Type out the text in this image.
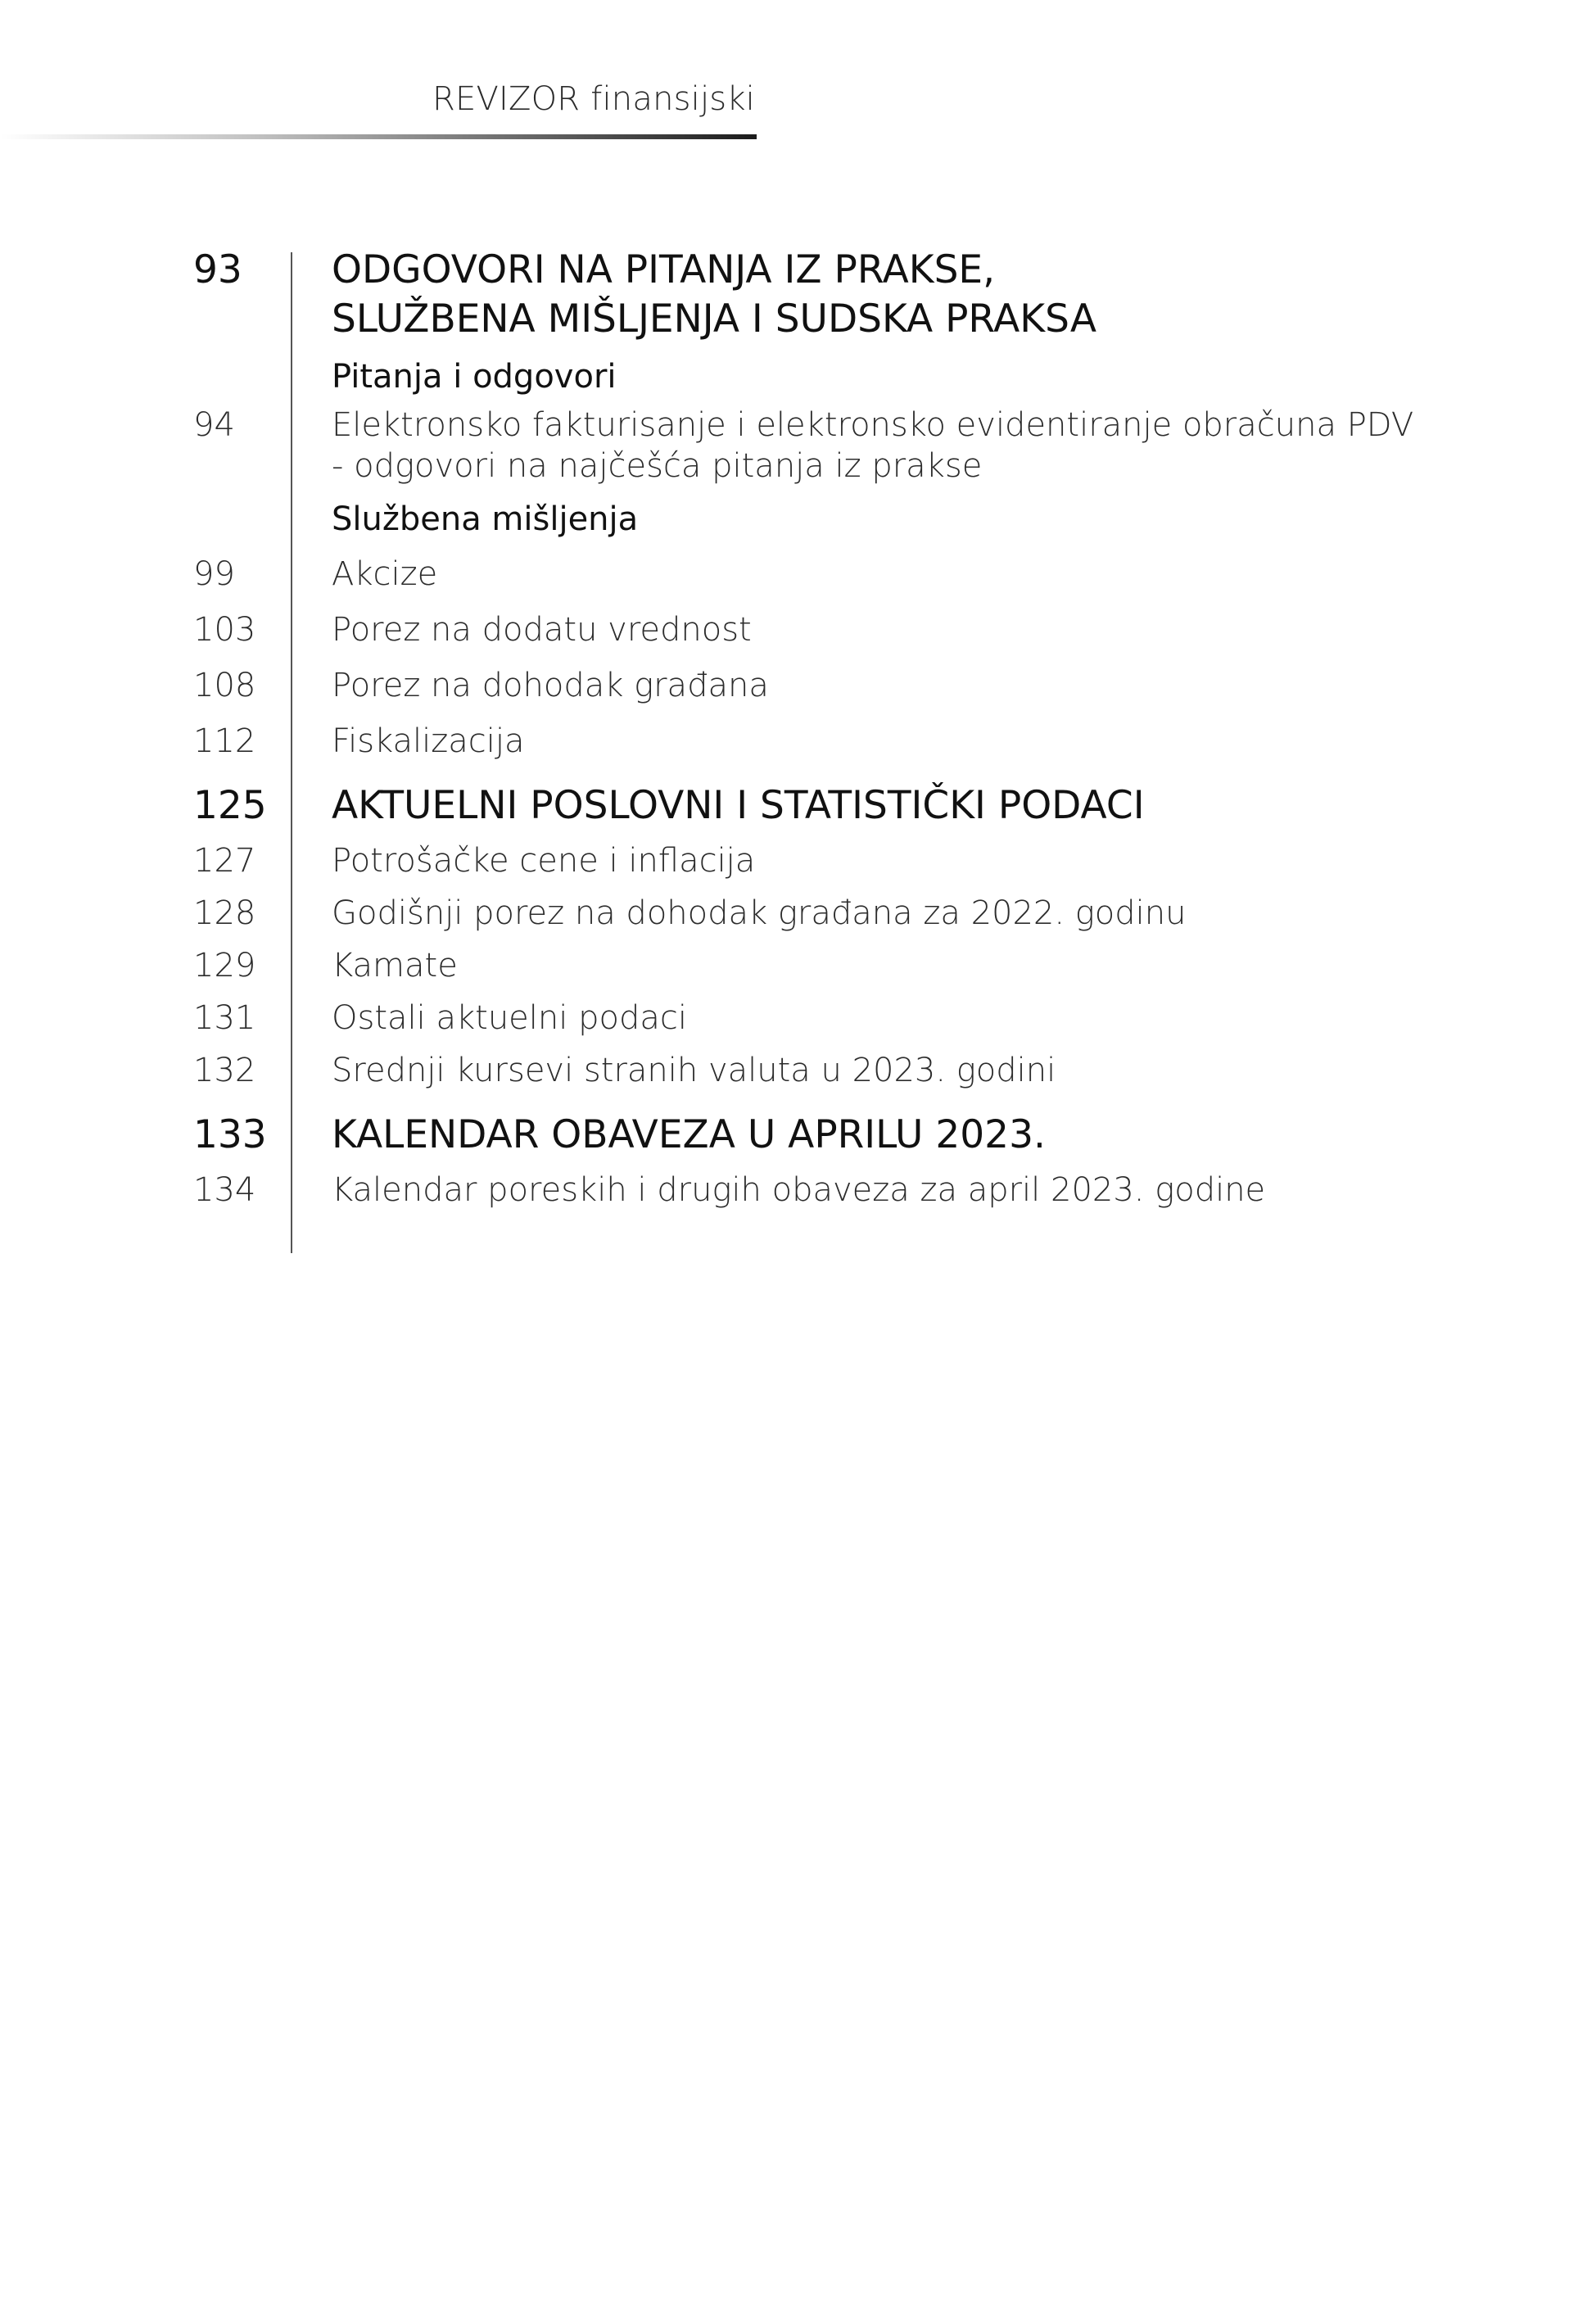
REVIZOR finansijski
93	ODGOVORI NA PITANJA IZ PRAKSE,
SLUŽBENA MIŠLJENJA I SUDSKA PRAKSA
Pitanja i odgovori
94	Elektronsko fakturisanje i elektronsko evidentiranje obračuna PDV
- odgovori na najčešća pitanja iz prakse
Službena mišljenja
99	Akcize
103	Porez na dodatu vrednost
108	Porez na dohodak građana
112	Fiskalizacija
125	AKTUELNI POSLOVNI I STATISTIČKI PODACI
127	Potrošačke cene i inflacija
128	Godišnji porez na dohodak građana za 2022. godinu
129	Kamate
131	Ostali aktuelni podaci
132	Srednji kursevi stranih valuta u 2023. godini
133	KALENDAR OBAVEZA U APRILU 2023.
134	Kalendar poreskih i drugih obaveza za april 2023. godine
